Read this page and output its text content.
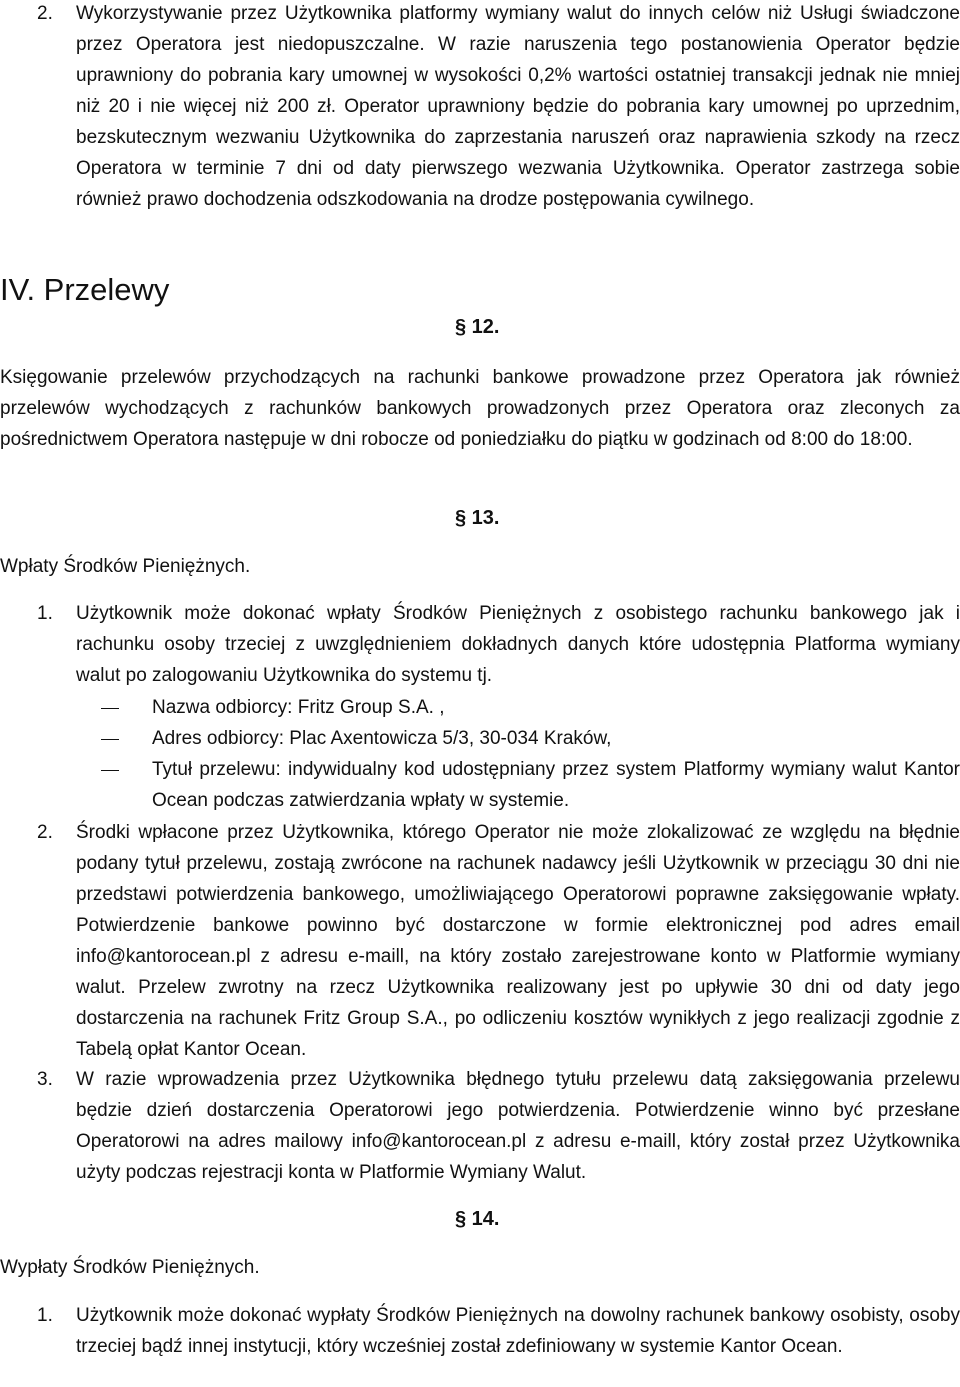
2. Wykorzystywanie przez Użytkownika platformy wymiany walut do innych celów niż Usługi świadczone przez Operatora jest niedopuszczalne. W razie naruszenia tego postanowienia Operator będzie uprawniony do pobrania kary umownej w wysokości 0,2% wartości ostatniej transakcji jednak nie mniej niż 20 i nie więcej niż 200 zł. Operator uprawniony będzie do pobrania kary umownej po uprzednim, bezskutecznym wezwaniu Użytkownika do zaprzestania naruszeń oraz naprawienia szkody na rzecz Operatora w terminie 7 dni od daty pierwszego wezwania Użytkownika. Operator zastrzega sobie również prawo dochodzenia odszkodowania na drodze postępowania cywilnego.

IV. Przelewy
§ 12.

Księgowanie przelewów przychodzących na rachunki bankowe prowadzone przez Operatora jak również przelewów wychodzących z rachunków bankowych prowadzonych przez Operatora oraz zleconych za pośrednictwem Operatora następuje w dni robocze od poniedziałku do piątku w godzinach od 8:00 do 18:00.

§ 13.
Wpłaty Środków Pieniężnych.
1. Użytkownik może dokonać wpłaty Środków Pieniężnych z osobistego rachunku bankowego jak i rachunku osoby trzeciej z uwzględnieniem dokładnych danych które udostępnia Platforma wymiany walut po zalogowaniu Użytkownika do systemu tj.

Nazwa odbiorcy: Fritz Group S.A. ,
Adres odbiorcy: Plac Axentowicza 5/3, 30-034 Kraków,
Tytuł przelewu: indywidualny kod udostępniany przez system Platformy wymiany walut Kantor Ocean podczas zatwierdzania wpłaty w systemie.
2. Środki wpłacone przez Użytkownika, którego Operator nie może zlokalizować ze względu na błędnie podany tytuł przelewu, zostają zwrócone na rachunek nadawcy jeśli Użytkownik w przeciągu 30 dni nie przedstawi potwierdzenia bankowego, umożliwiającego Operatorowi poprawne zaksięgowanie wpłaty. Potwierdzenie bankowe powinno być dostarczone w formie elektronicznej pod adres email info@kantorocean.pl z adresu e-maill, na który zostało zarejestrowane konto w Platformie wymiany walut. Przelew zwrotny na rzecz Użytkownika realizowany jest po upływie 30 dni od daty jego dostarczenia na rachunek Fritz Group S.A., po odliczeniu kosztów wynikłych z jego realizacji zgodnie z Tabelą opłat Kantor Ocean.

3. W razie wprowadzenia przez Użytkownika błędnego tytułu przelewu datą zaksięgowania przelewu będzie dzień dostarczenia Operatorowi jego potwierdzenia. Potwierdzenie winno być przesłane Operatorowi na adres mailowy info@kantorocean.pl z adresu e-maill, który został przez Użytkownika użyty podczas rejestracji konta w Platformie Wymiany Walut.

§ 14.
Wypłaty Środków Pieniężnych.
1. Użytkownik może dokonać wypłaty Środków Pieniężnych na dowolny rachunek bankowy osobisty, osoby trzeciej bądź innej instytucji, który wcześniej został zdefiniowany w systemie Kantor Ocean.
